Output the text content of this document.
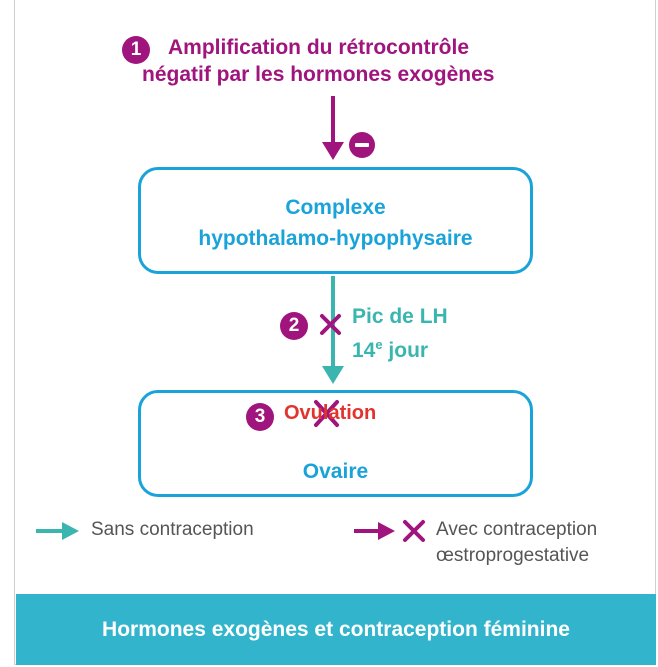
1	Amplification du rétrocontrôle
négatif par les hormones exogènes
Complexe
hypothalamo-hypophysaire
2	Pic de LH
14e jour
Ovaire
3 Ovulation
Sans contraception	Avec contraception
œstroprogestative
Hormones exogènes et contraception féminine
